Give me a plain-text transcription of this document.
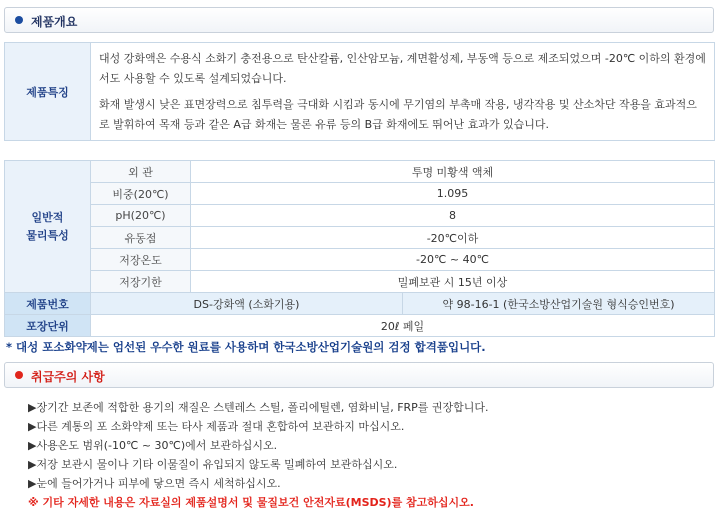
제품개요
제품특징	
대성 강화액은 수용식 소화기 충전용으로 탄산칼륨, 인산암모늄, 계면활성제, 부동액 등으로 제조되었으며 -20℃ 이하의 환경에서도 사용할 수 있도록 설계되었습니다.
화재 발생시 낮은 표면장력으로 침투력을 극대화 시킴과 동시에 무기염의 부촉매 작용, 냉각작용 및 산소차단 작용을 효과적으로 발휘하여 목재 등과 같은 A급 화재는 물론 유류 등의 B급 화재에도 뛰어난 효과가 있습니다.
일반적
물리특성	외 관	투명 미황색 액체	
	비중(20℃)	1.095	
	pH(20℃)	8	
	유동점	-20℃이하	
	저장온도	-20℃ ~ 40℃	
	저장기한	밀폐보관 시 15년 이상	
제품번호	DS-강화액 (소화기용)		약 98-16-1 (한국소방산업기술원 형식승인번호)
포장단위	20ℓ 페일		
* 대성 포소화약제는 엄선된 우수한 원료를 사용하며 한국소방산업기술원의 검정 합격품입니다.
취급주의 사항
▶장기간 보존에 적합한 용기의 재질은 스텐레스 스틸, 폴리에틸렌, 염화비닐, FRP를 권장합니다.
▶다른 계통의 포 소화약제 또는 타사 제품과 절대 혼합하여 보관하지 마십시오.
▶사용온도 범위(-10℃ ~ 30℃)에서 보관하십시오.
▶저장 보관시 물이나 기타 이물질이 유입되지 않도록 밀폐하여 보관하십시오.
▶눈에 들어가거나 피부에 닿으면 즉시 세척하십시오.
※ 기타 자세한 내용은 자료실의 제품설명서 및 물질보건 안전자료(MSDS)를 참고하십시오.
